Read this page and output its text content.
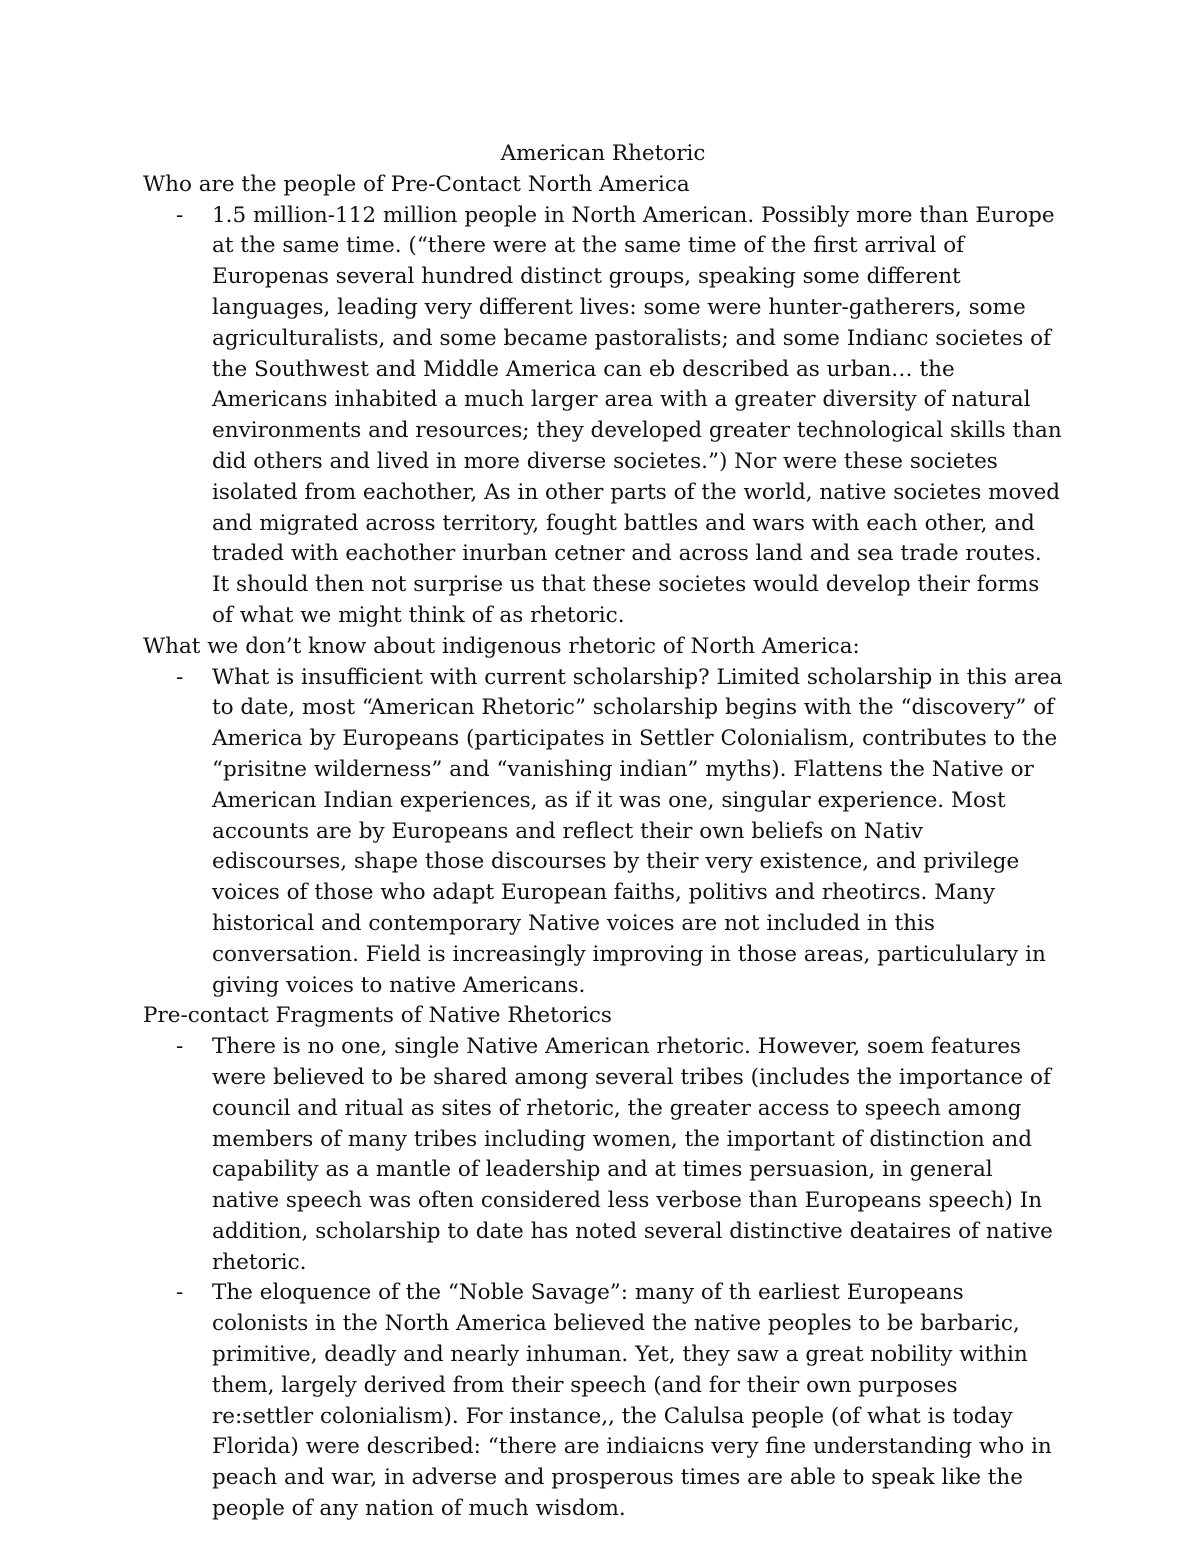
American Rhetoric
Who are the people of Pre-Contact North America
- 1.5 million-112 million people in North American. Possibly more than Europe at the same time. (“there were at the same time of the first arrival of Europenas several hundred distinct groups, speaking some different languages, leading very different lives: some were hunter-gatherers, some agriculturalists, and some became pastoralists; and some Indianc societes of the Southwest and Middle America can eb described as urban… the Americans inhabited a much larger area with a greater diversity of natural environments and resources; they developed greater technological skills than did others and lived in more diverse societes.”) Nor were these societes isolated from eachother, As in other parts of the world, native societes moved and migrated across territory, fought battles and wars with each other, and traded with eachother inurban cetner and across land and sea trade routes. It should then not surprise us that these societes would develop their forms of what we might think of as rhetoric.
What we don’t know about indigenous rhetoric of North America:
- What is insufficient with current scholarship? Limited scholarship in this area to date, most “American Rhetoric” scholarship begins with the “discovery” of America by Europeans (participates in Settler Colonialism, contributes to the “prisitne wilderness” and “vanishing indian” myths). Flattens the Native or American Indian experiences, as if it was one, singular experience. Most accounts are by Europeans and reflect their own beliefs on Nativ ediscourses, shape those discourses by their very existence, and privilege voices of those who adapt European faiths, politivs and rheotircs. Many historical and contemporary Native voices are not included in this conversation. Field is increasingly improving in those areas, particululary in giving voices to native Americans.
Pre-contact Fragments of Native Rhetorics
- There is no one, single Native American rhetoric. However, soem features were believed to be shared among several tribes (includes the importance of council and ritual as sites of rhetoric, the greater access to speech among members of many tribes including women, the important of distinction and capability as a mantle of leadership and at times persuasion, in general native speech was often considered less verbose than Europeans speech) In addition, scholarship to date has noted several distinctive deataires of native rhetoric.
- The eloquence of the “Noble Savage”: many of th earliest Europeans colonists in the North America believed the native peoples to be barbaric, primitive, deadly and nearly inhuman. Yet, they saw a great nobility within them, largely derived from their speech (and for their own purposes re:settler colonialism). For instance,, the Calulsa people (of what is today Florida) were described: “there are indiaicns very fine understanding who in peach and war, in adverse and prosperous times are able to speak like the people of any nation of much wisdom.
